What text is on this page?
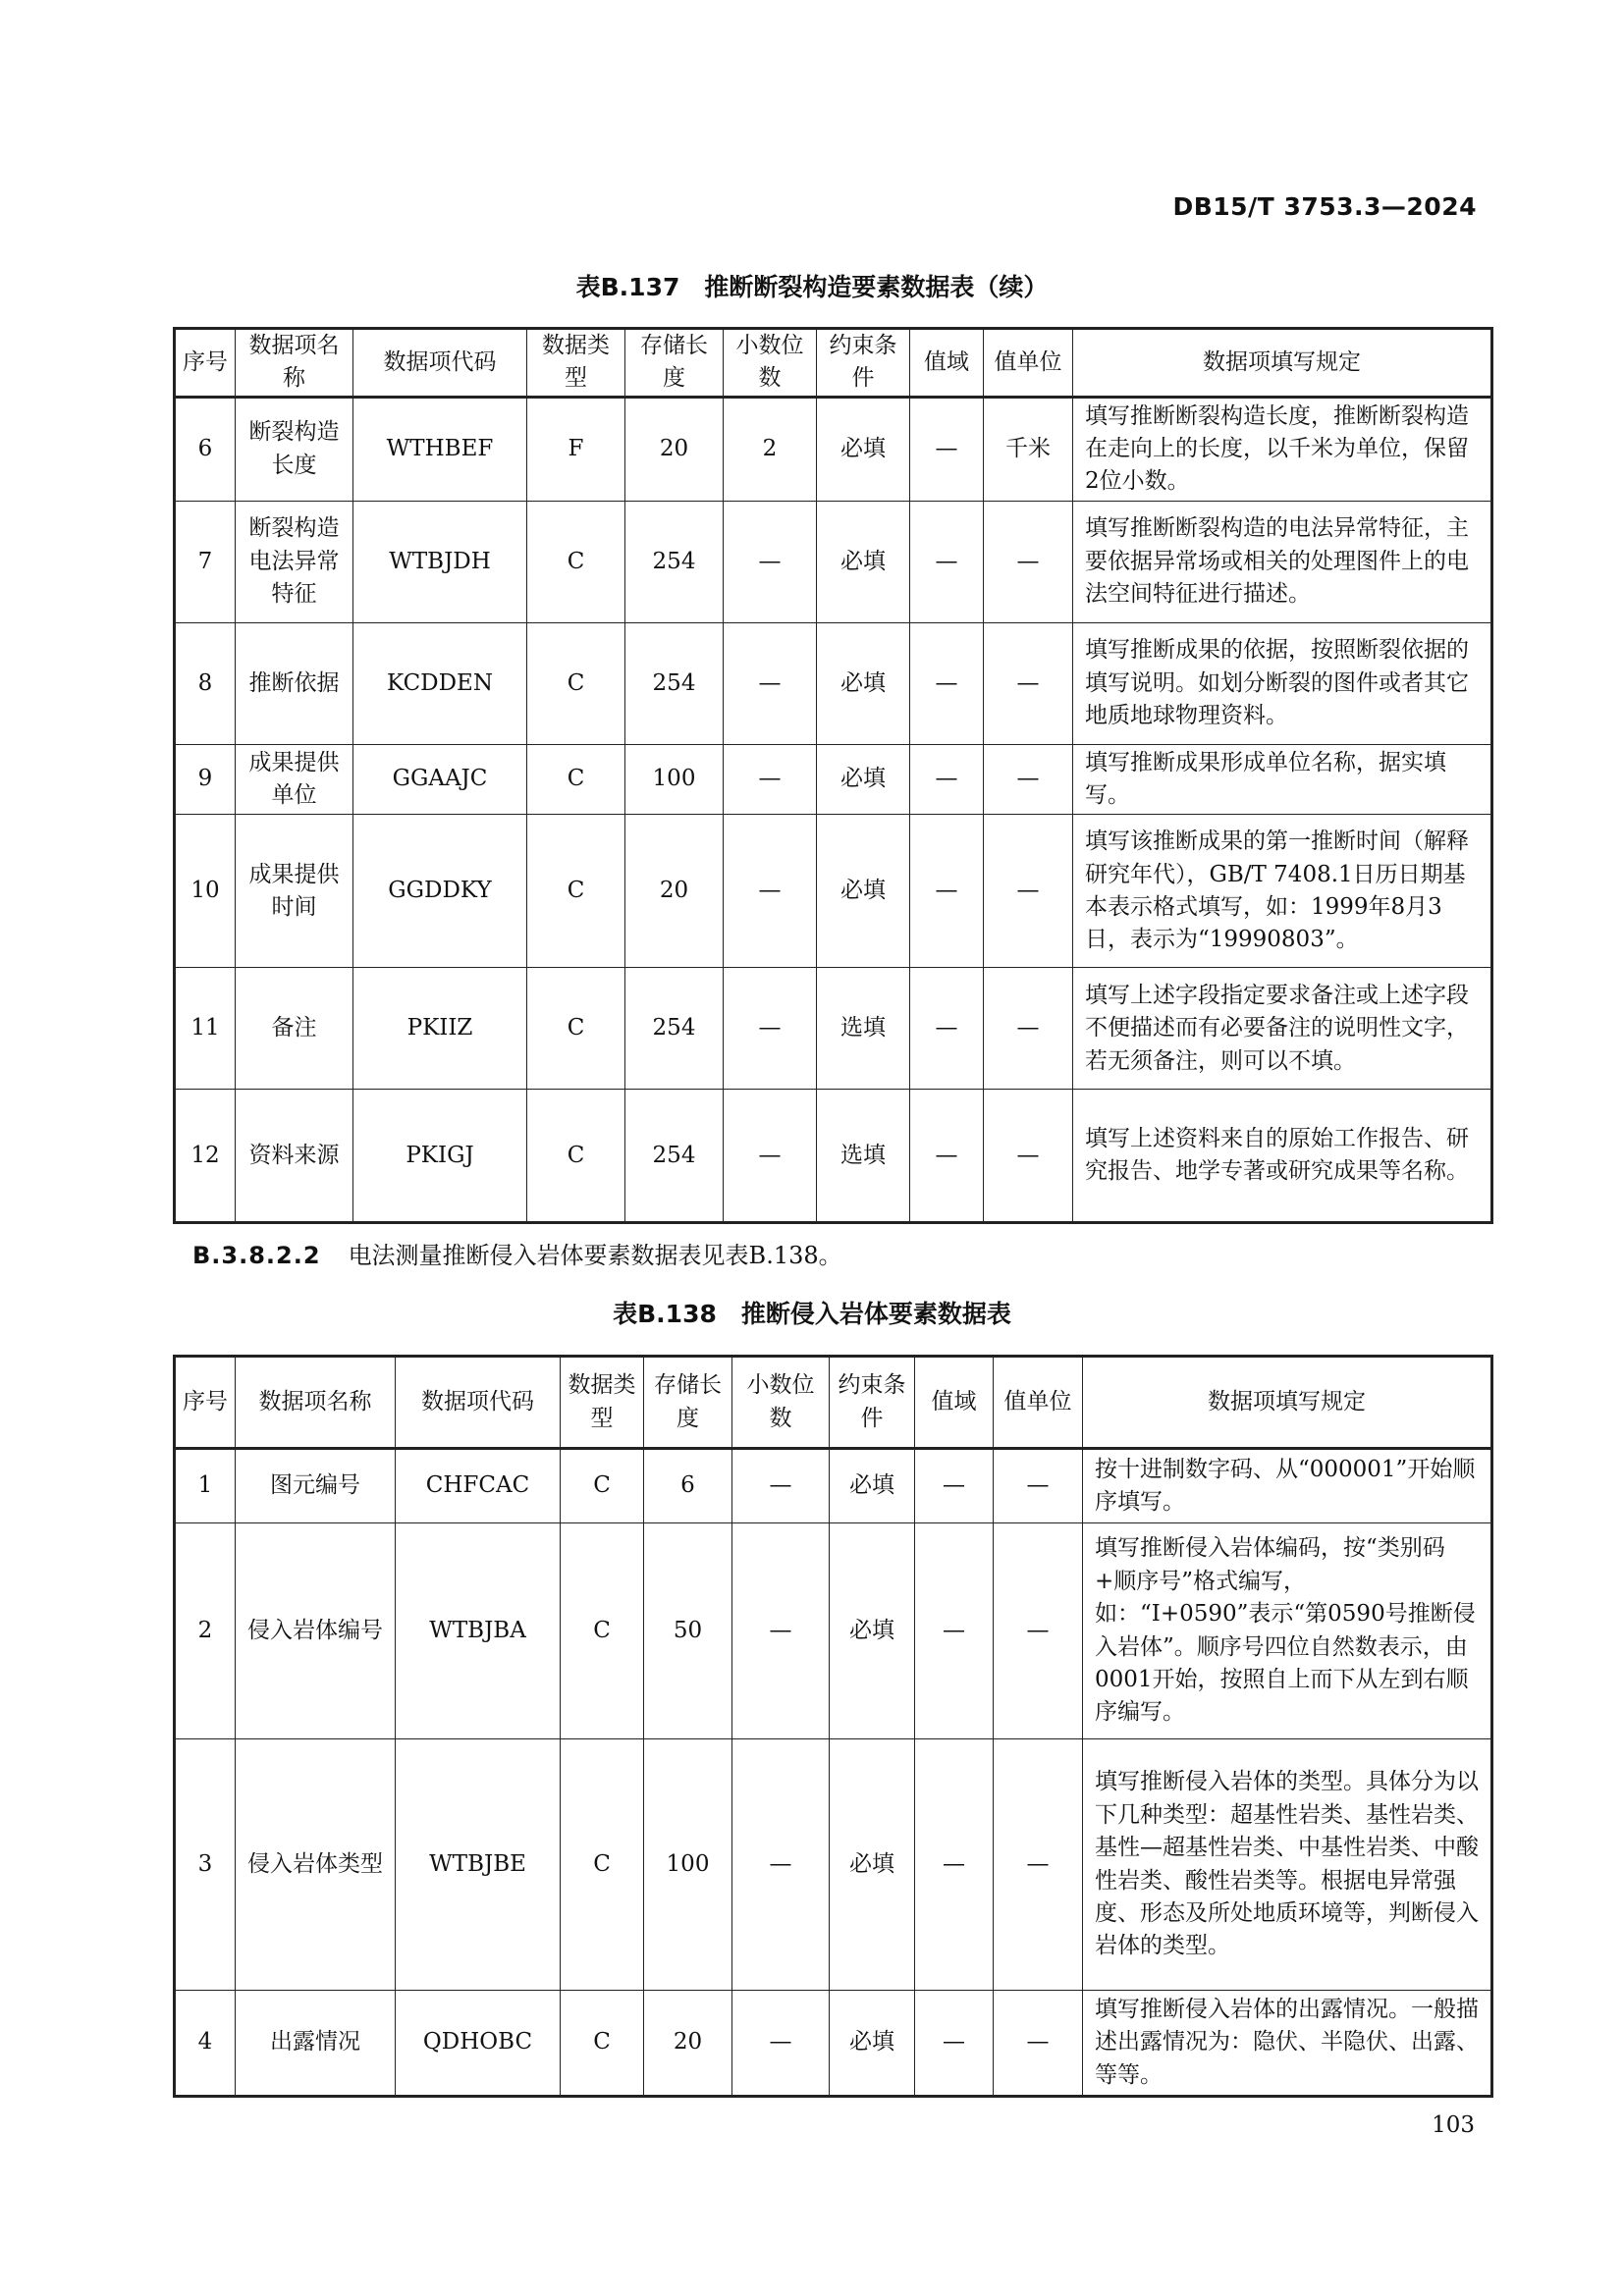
DB15/T 3753.3—2024
表B.137　推断断裂构造要素数据表（续）
序号	数据项名称	数据项代码	数据类型	存储长度	小数位数	约束条件	值域	值单位	数据项填写规定
6	断裂构造长度	WTHBEF	F	20	2	必填	—	千米	填写推断断裂构造长度，推断断裂构造在走向上的长度，以千米为单位，保留2位小数。
7	断裂构造电法异常特征	WTBJDH	C	254	—	必填	—	—	填写推断断裂构造的电法异常特征，主要依据异常场或相关的处理图件上的电法空间特征进行描述。
8	推断依据	KCDDEN	C	254	—	必填	—	—	填写推断成果的依据，按照断裂依据的填写说明。如划分断裂的图件或者其它地质地球物理资料。
9	成果提供单位	GGAAJC	C	100	—	必填	—	—	填写推断成果形成单位名称，据实填写。
10	成果提供时间	GGDDKY	C	20	—	必填	—	—	填写该推断成果的第一推断时间（解释研究年代），GB/T 7408.1日历日期基本表示格式填写，如：1999年8月3日，表示为“19990803”。
11	备注	PKIIZ	C	254	—	选填	—	—	填写上述字段指定要求备注或上述字段不便描述而有必要备注的说明性文字，若无须备注，则可以不填。
12	资料来源	PKIGJ	C	254	—	选填	—	—	填写上述资料来自的原始工作报告、研究报告、地学专著或研究成果等名称。
B.3.8.2.2 电法测量推断侵入岩体要素数据表见表B.138。
表B.138　推断侵入岩体要素数据表
序号	数据项名称	数据项代码	数据类型	存储长度	小数位数	约束条件	值域	值单位	数据项填写规定
1	图元编号	CHFCAC	C	6	—	必填	—	—	按十进制数字码、从“000001”开始顺序填写。
2	侵入岩体编号	WTBJBA	C	50	—	必填	—	—	填写推断侵入岩体编码，按“类别码+顺序号”格式编写，如：“I+0590”表示“第0590号推断侵入岩体”。顺序号四位自然数表示，由0001开始，按照自上而下从左到右顺序编写。
3	侵入岩体类型	WTBJBE	C	100	—	必填	—	—	填写推断侵入岩体的类型。具体分为以下几种类型：超基性岩类、基性岩类、基性—超基性岩类、中基性岩类、中酸性岩类、酸性岩类等。根据电异常强度、形态及所处地质环境等，判断侵入岩体的类型。
4	出露情况	QDHOBC	C	20	—	必填	—	—	填写推断侵入岩体的出露情况。一般描述出露情况为：隐伏、半隐伏、出露、等等。
103
